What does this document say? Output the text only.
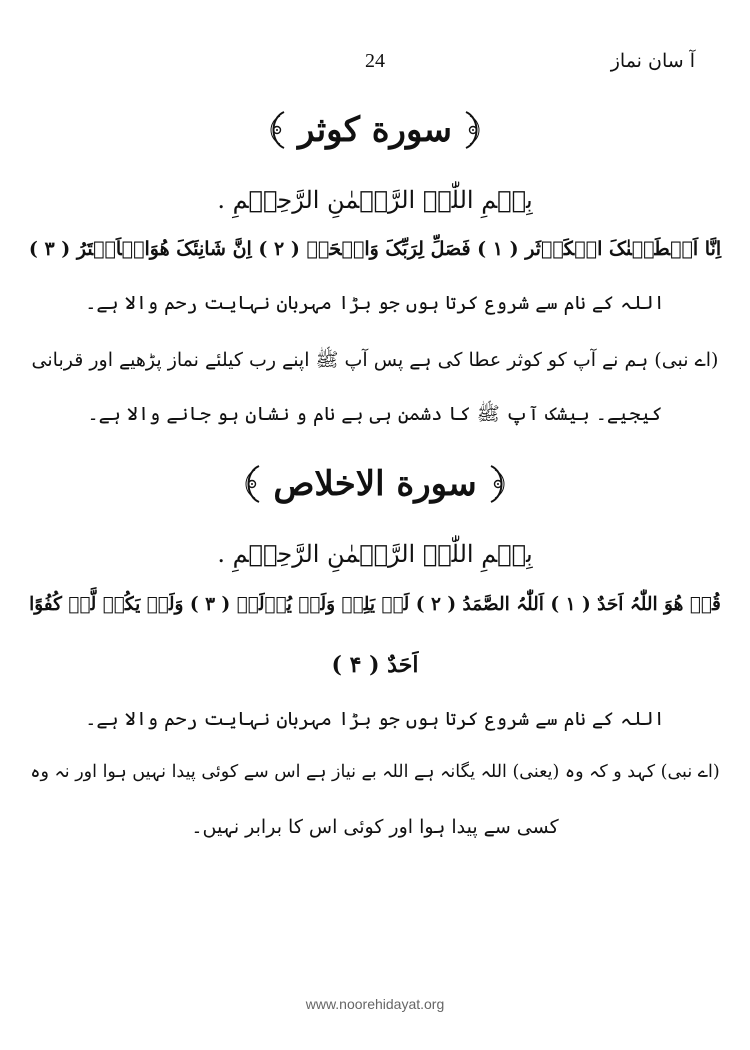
آ سان نماز
24
سورة کوثر
بِسۡمِ اللّٰہِ الرَّحۡمٰنِ الرَّحِیۡمِ .
اِنَّا اَعۡطَیۡنٰکَ الۡکَوۡثَر ( ۱ ) فَصَلِّ لِرَبِّکَ وَانۡحَرۡ ( ۲ ) اِنَّ شَانِئَکَ ھُوَالۡاَبۡتَرُ ( ۳ )
اللہ کے نام سے شروع کرتا ہوں جو بڑا مہربان نہایت رحم والا ہے۔
(اے نبی) ہم نے آپ کو کوثر عطا کی ہے پس آپ ﷺ اپنے رب کیلئے نماز پڑھیے اور قربانی
کیجیے۔ بیشک آپ ﷺ کا دشمن ہی بے نام و نشان ہو جانے والا ہے۔
سورة الاخلاص
بِسۡمِ اللّٰہِ الرَّحۡمٰنِ الرَّحِیۡمِ .
قُلۡ ھُوَ اللّٰہُ اَحَدٌ ( ۱ ) اَللّٰہُ الصَّمَدُ ( ۲ ) لَمۡ یَلِدۡ وَلَمۡ یُوۡلَدۡ ( ۳ ) وَلَمۡ یَکُنۡ لَّہٗ کُفُوًا
اَحَدٌ ( ۴ )
اللہ کے نام سے شروع کرتا ہوں جو بڑا مہربان نہایت رحم والا ہے۔
(اے نبی) کہد و کہ وہ (یعنی) اللہ یگانہ ہے اللہ بے نیاز ہے اس سے کوئی پیدا نہیں ہوا اور نہ وہ
کسی سے پیدا ہوا اور کوئی اس کا برابر نہیں۔
www.noorehidayat.org
